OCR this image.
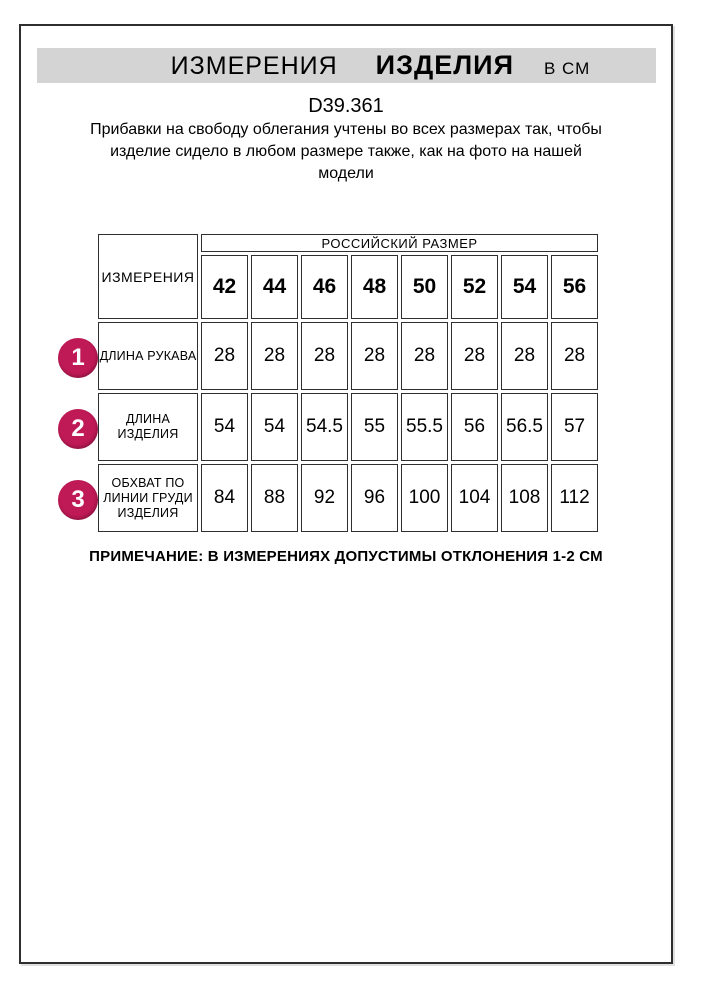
ИЗМЕРЕНИЯ ИЗДЕЛИЯ В СМ

D39.361

Прибавки на свободу облегания учтены во всех размерах так, чтобы изделие сидело в любом размере также, как на фото на нашей модели

ИЗМЕРЕНИЯ	РОССИЙСКИЙ РАЗМЕР							
	42	44	46	48	50	52	54	56
ДЛИНА РУКАВА	28	28	28	28	28	28	28	28
ДЛИНА
ИЗДЕЛИЯ	54	54	54.5	55	55.5	56	56.5	57
ОБХВАТ ПО
ЛИНИИ ГРУДИ
ИЗДЕЛИЯ	84	88	92	96	100	104	108	112
1
2
3

ПРИМЕЧАНИЕ: В ИЗМЕРЕНИЯХ ДОПУСТИМЫ ОТКЛОНЕНИЯ 1-2 СМ
